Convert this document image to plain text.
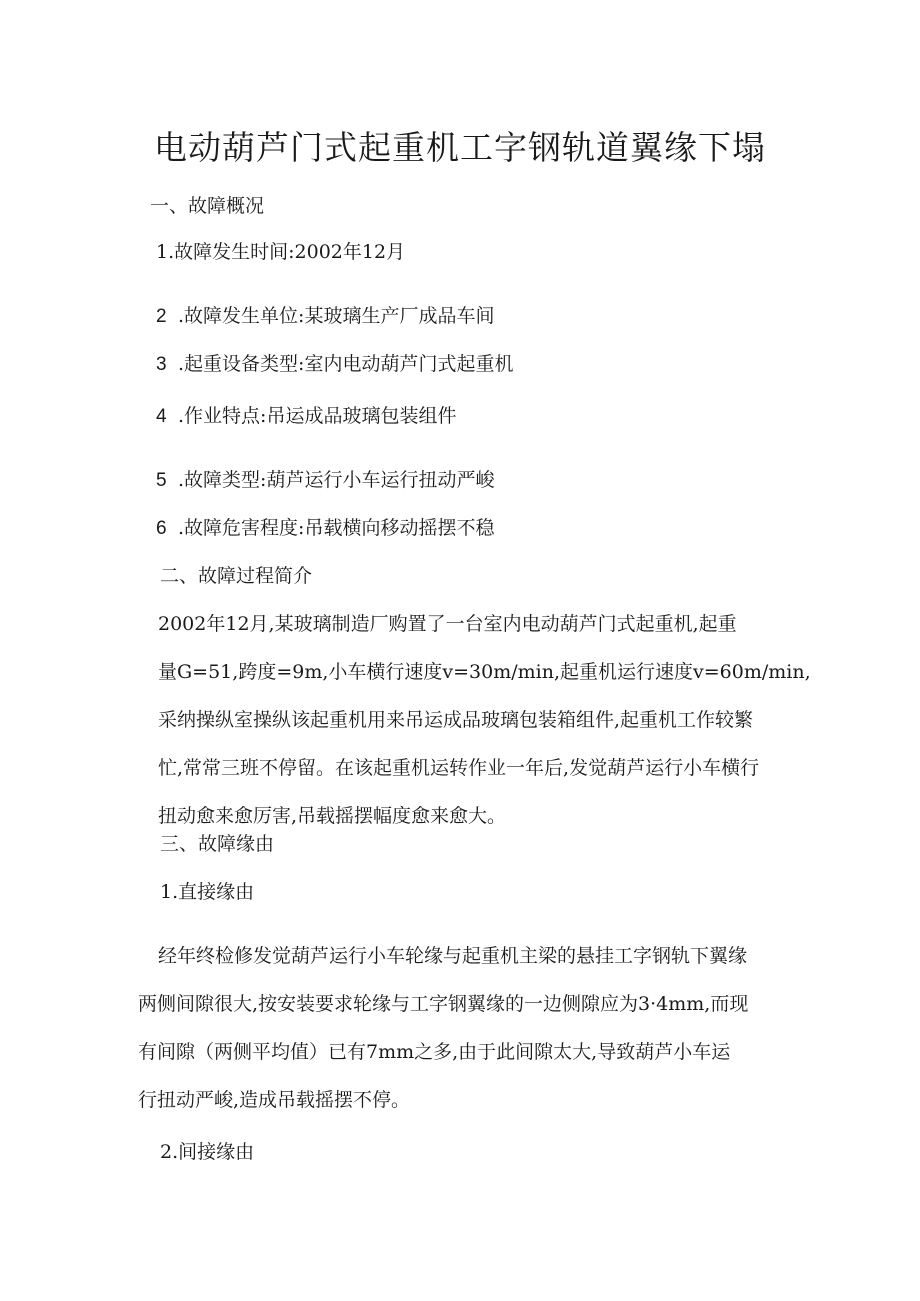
电动葫芦门式起重机工字钢轨道翼缘下塌

一、故障概况

1.故障发生时间:2002年12月

2 .故障发生单位:某玻璃生产厂成品车间

3 .起重设备类型:室内电动葫芦门式起重机

4 .作业特点:吊运成品玻璃包装组件

5 .故障类型:葫芦运行小车运行扭动严峻

6 .故障危害程度:吊载横向移动摇摆不稳

二、故障过程简介

2002年12月,某玻璃制造厂购置了一台室内电动葫芦门式起重机,起重
量G=51,跨度=9m,小车横行速度v=30m/min,起重机运行速度v=60m/min,
采纳操纵室操纵该起重机用来吊运成品玻璃包装箱组件,起重机工作较繁
忙,常常三班不停留。在该起重机运转作业一年后,发觉葫芦运行小车横行
扭动愈来愈厉害,吊载摇摆幅度愈来愈大。

三、故障缘由

1.直接缘由

经年终检修发觉葫芦运行小车轮缘与起重机主梁的悬挂工字钢轨下翼缘
两侧间隙很大,按安装要求轮缘与工字钢翼缘的一边侧隙应为3·4mm,而现
有间隙（两侧平均值）已有7mm之多,由于此间隙太大,导致葫芦小车运
行扭动严峻,造成吊载摇摆不停。

2.间接缘由
